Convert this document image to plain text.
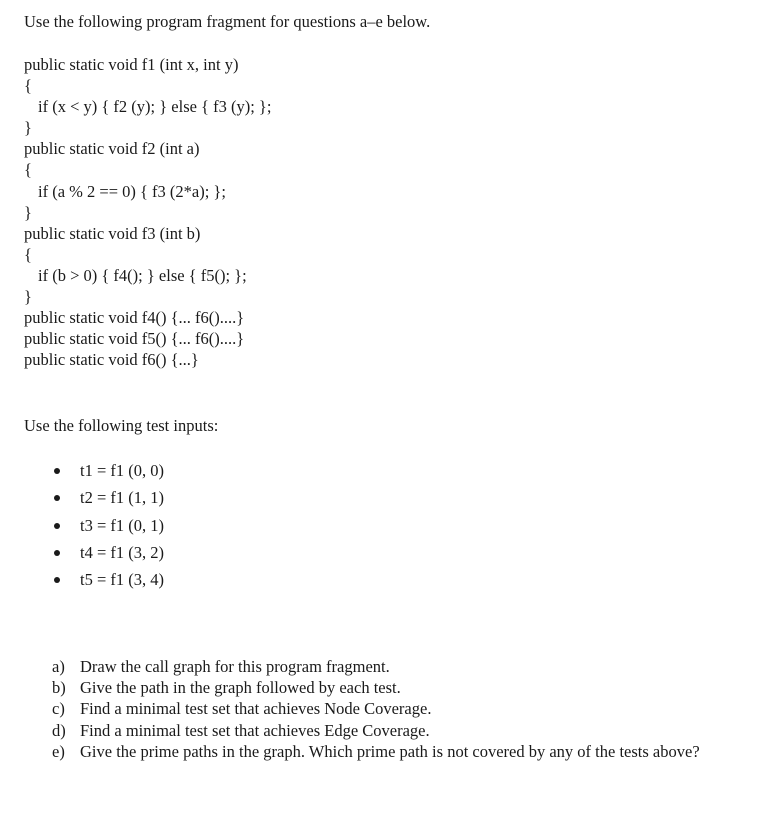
Use the following program fragment for questions a–e below.

public static void f1 (int x, int y)
{
if (x < y) { f2 (y); } else { f3 (y); };
}
public static void f2 (int a)
{
if (a % 2 == 0) { f3 (2*a); };
}
public static void f3 (int b)
{
if (b > 0) { f4(); } else { f5(); };
}
public static void f4() {... f6()....}
public static void f5() {... f6()....}
public static void f6() {...}

Use the following test inputs:

t1 = f1 (0, 0)
t2 = f1 (1, 1)
t3 = f1 (0, 1)
t4 = f1 (3, 2)
t5 = f1 (3, 4)
a) Draw the call graph for this program fragment.
b) Give the path in the graph followed by each test.
c) Find a minimal test set that achieves Node Coverage.
d) Find a minimal test set that achieves Edge Coverage.
e) Give the prime paths in the graph. Which prime path is not covered by any of the tests above?
